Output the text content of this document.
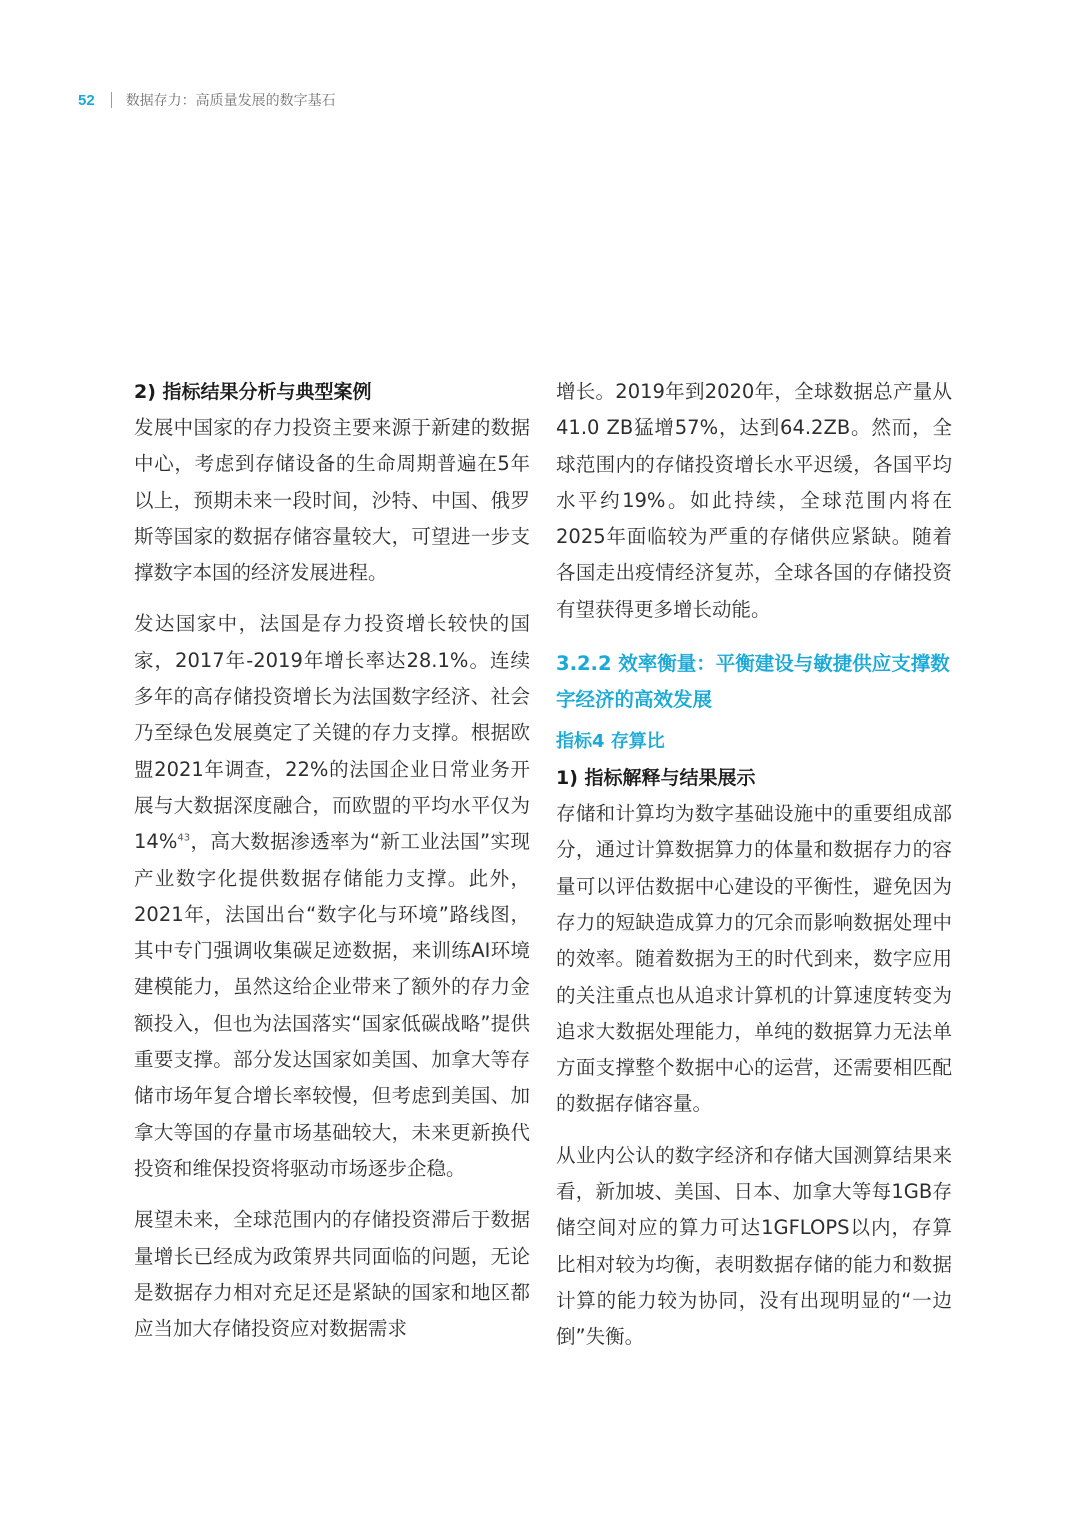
52 数据存力：高质量发展的数字基石

2) 指标结果分析与典型案例

发展中国家的存力投资主要来源于新建的数据中心，考虑到存储设备的生命周期普遍在5年以上，预期未来一段时间，沙特、中国、俄罗斯等国家的数据存储容量较大，可望进一步支撑数字本国的经济发展进程。

发达国家中，法国是存力投资增长较快的国家，2017年-2019年增长率达28.1%。连续多年的高存储投资增长为法国数字经济、社会乃至绿色发展奠定了关键的存力支撑。根据欧盟2021年调查，22%的法国企业日常业务开展与大数据深度融合，而欧盟的平均水平仅为14%$^{43}$，高大数据渗透率为“新工业法国”实现产业数字化提供数据存储能力支撑。此外，2021年，法国出台“数字化与环境”路线图，其中专门强调收集碳足迹数据，来训练AI环境建模能力，虽然这给企业带来了额外的存力金额投入，但也为法国落实“国家低碳战略”提供重要支撑。部分发达国家如美国、加拿大等存储市场年复合增长率较慢，但考虑到美国、加拿大等国的存量市场基础较大，未来更新换代投资和维保投资将驱动市场逐步企稳。

展望未来，全球范围内的存储投资滞后于数据量增长已经成为政策界共同面临的问题，无论是数据存力相对充足还是紧缺的国家和地区都应当加大存储投资应对数据需求

增长。2019年到2020年，全球数据总产量从41.0 ZB猛增57%，达到64.2ZB。然而，全球范围内的存储投资增长水平迟缓，各国平均水平约19%。如此持续，全球范围内将在2025年面临较为严重的存储供应紧缺。随着各国走出疫情经济复苏，全球各国的存储投资有望获得更多增长动能。

3.2.2 效率衡量：平衡建设与敏捷供应支撑数字经济的高效发展

指标4 存算比

1) 指标解释与结果展示

存储和计算均为数字基础设施中的重要组成部分，通过计算数据算力的体量和数据存力的容量可以评估数据中心建设的平衡性，避免因为存力的短缺造成算力的冗余而影响数据处理中的效率。随着数据为王的时代到来，数字应用的关注重点也从追求计算机的计算速度转变为追求大数据处理能力，单纯的数据算力无法单方面支撑整个数据中心的运营，还需要相匹配的数据存储容量。

从业内公认的数字经济和存储大国测算结果来看，新加坡、美国、日本、加拿大等每1GB存储空间对应的算力可达1GFLOPS以内，存算比相对较为均衡，表明数据存储的能力和数据计算的能力较为协同，没有出现明显的“一边倒”失衡。
